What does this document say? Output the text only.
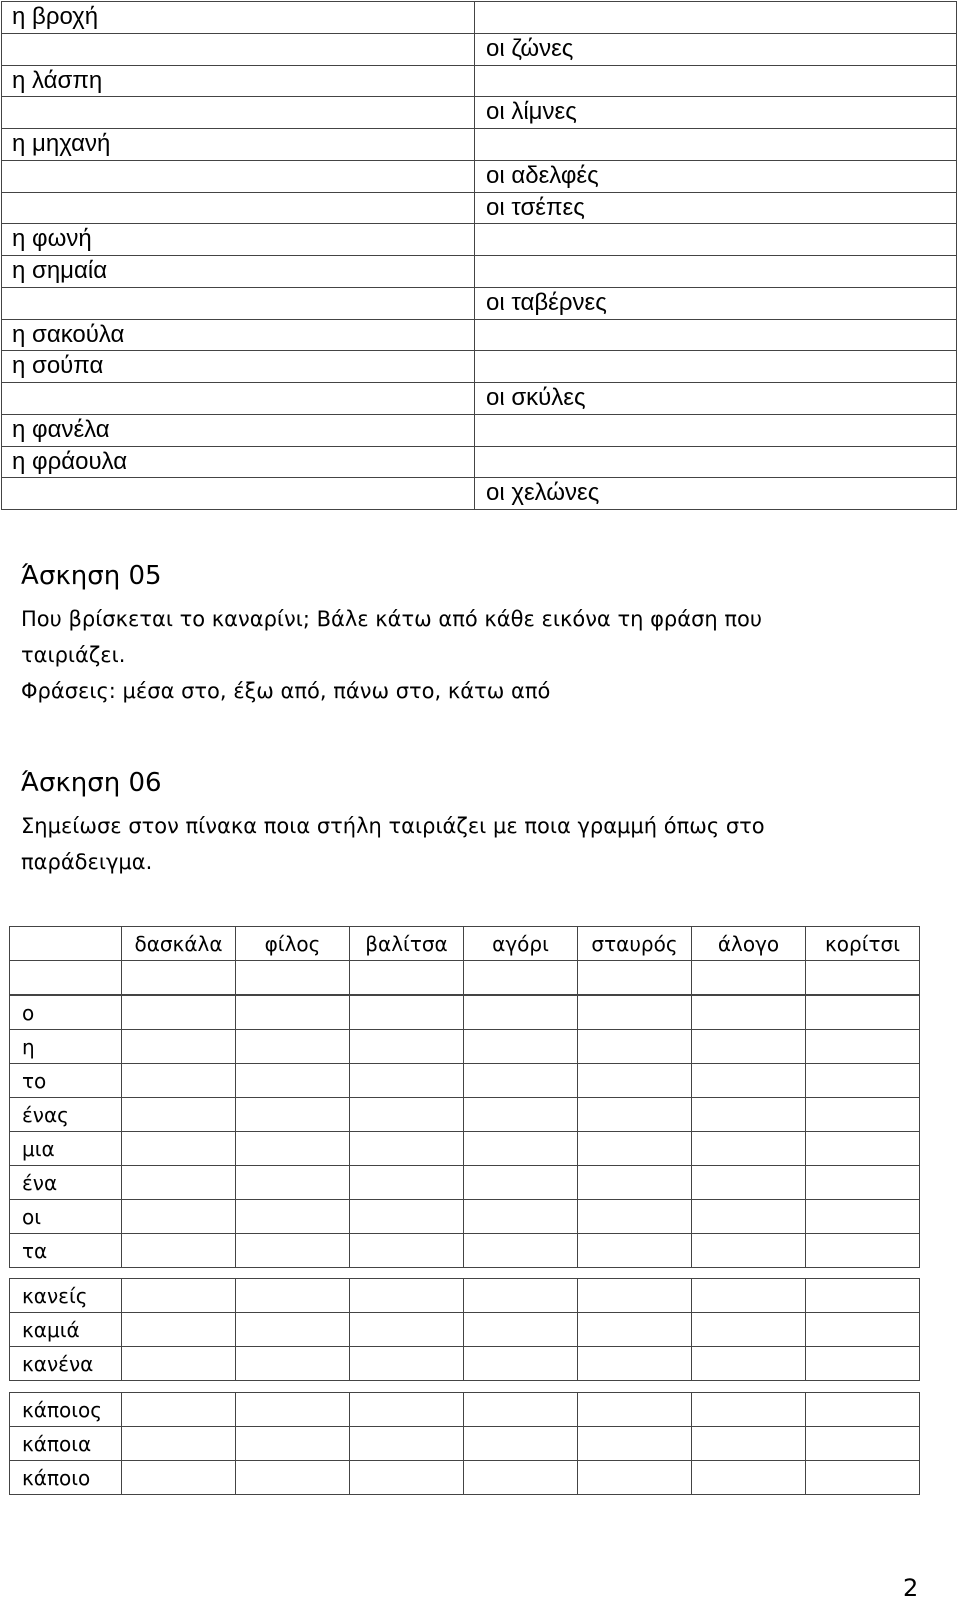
η βροχή	
	οι ζώνες
η λάσπη	
	οι λίμνες
η μηχανή	
	οι αδελφές
	οι τσέπες
η φωνή	
η σημαία	
	οι ταβέρνες
η σακούλα	
η σούπα	
	οι σκύλες
η φανέλα	
η φράουλα	
	οι χελώνες
Άσκηση 05
Που βρίσκεται το καναρίνι; Βάλε κάτω από κάθε εικόνα τη φράση που
ταιριάζει.
Φράσεις: μέσα στο, έξω από, πάνω στο, κάτω από
Άσκηση 06
Σημείωσε στον πίνακα ποια στήλη ταιριάζει με ποια γραμμή όπως στο
παράδειγμα.
	δασκάλα	φίλος	βαλίτσα	αγόρι	σταυρός	άλογο	κορίτσι

ο							
η							
το							
ένας							
μια							
ένα							
οι							
τα							
κανείς							
καμιά							
κανένα							
κάποιος							
κάποια							
κάποιο							
2
